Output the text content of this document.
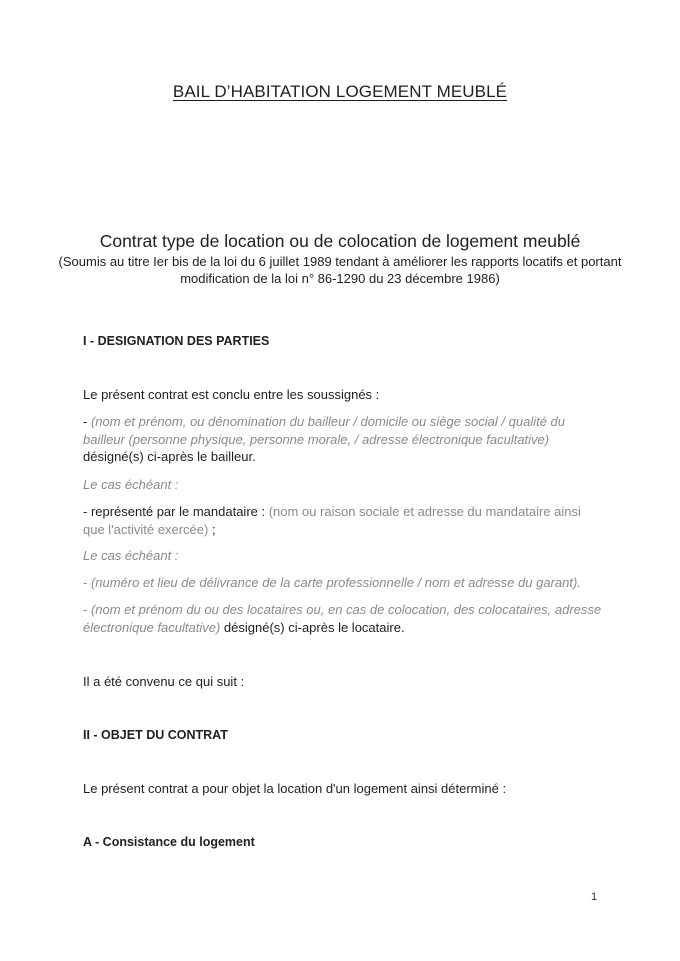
BAIL D’HABITATION LOGEMENT MEUBLÉ
Contrat type de location ou de colocation de logement meublé
(Soumis au titre Ier bis de la loi du 6 juillet 1989 tendant à améliorer les rapports locatifs et portant modification de la loi n° 86-1290 du 23 décembre 1986)
I - DESIGNATION DES PARTIES
Le présent contrat est conclu entre les soussignés :
- (nom et prénom, ou dénomination du bailleur / domicile ou siège social / qualité du bailleur (personne physique, personne morale, / adresse électronique facultative) désigné(s) ci-après le bailleur.
Le cas échéant :
- représenté par le mandataire : (nom ou raison sociale et adresse du mandataire ainsi que l'activité exercée) ;
Le cas échéant :
- (numéro et lieu de délivrance de la carte professionnelle / nom et adresse du garant).
- (nom et prénom du ou des locataires ou, en cas de colocation, des colocataires, adresse électronique facultative) désigné(s) ci-après le locataire.
Il a été convenu ce qui suit :
II - OBJET DU CONTRAT
Le présent contrat a pour objet la location d'un logement ainsi déterminé :
A - Consistance du logement
1
